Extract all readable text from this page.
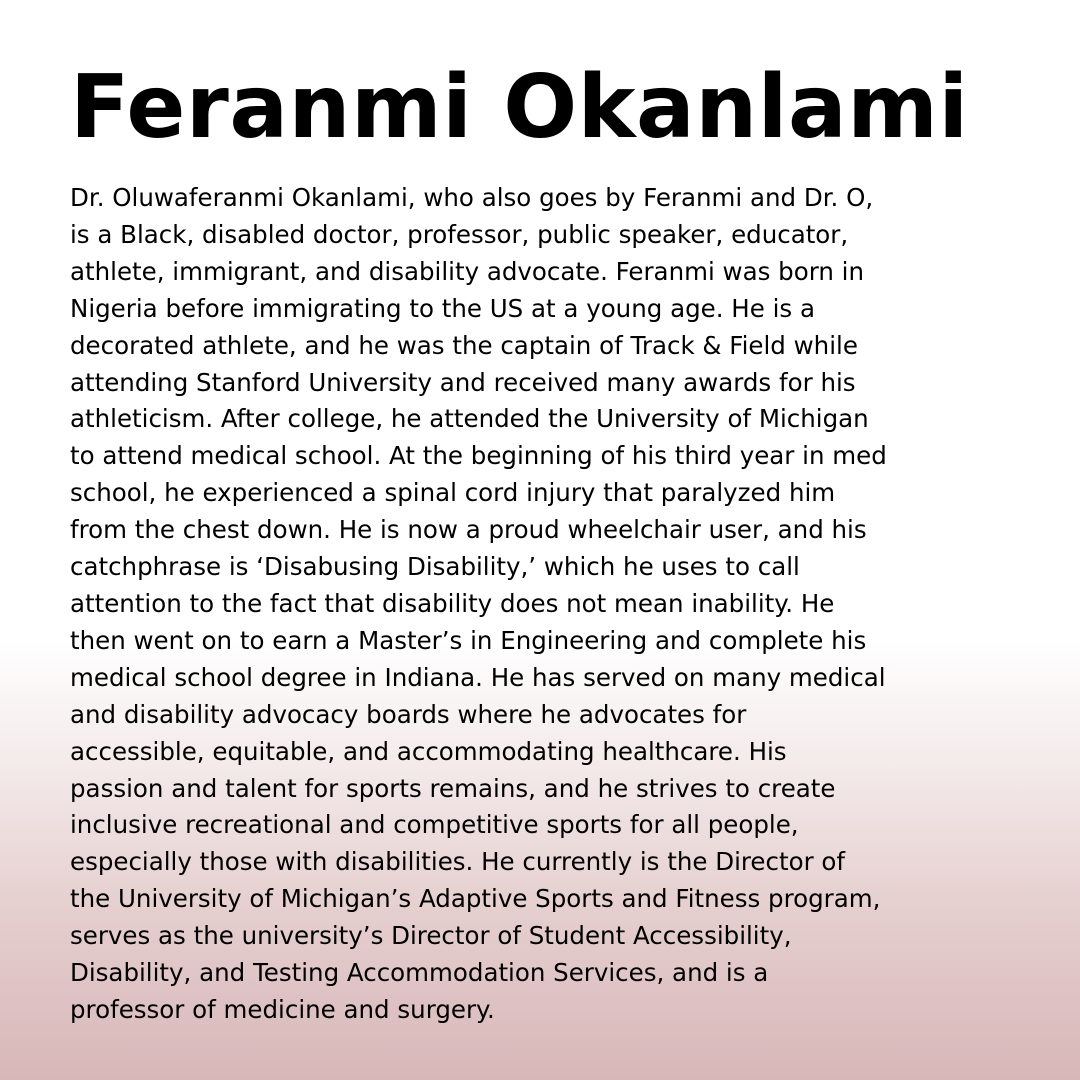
Feranmi Okanlami

Dr. Oluwaferanmi Okanlami, who also goes by Feranmi and Dr. O,
is a Black, disabled doctor, professor, public speaker, educator,
athlete, immigrant, and disability advocate. Feranmi was born in
Nigeria before immigrating to the US at a young age. He is a
decorated athlete, and he was the captain of Track & Field while
attending Stanford University and received many awards for his
athleticism. After college, he attended the University of Michigan
to attend medical school. At the beginning of his third year in med
school, he experienced a spinal cord injury that paralyzed him
from the chest down. He is now a proud wheelchair user, and his
catchphrase is ‘Disabusing Disability,’ which he uses to call
attention to the fact that disability does not mean inability. He
then went on to earn a Master’s in Engineering and complete his
medical school degree in Indiana. He has served on many medical
and disability advocacy boards where he advocates for
accessible, equitable, and accommodating healthcare. His
passion and talent for sports remains, and he strives to create
inclusive recreational and competitive sports for all people,
especially those with disabilities. He currently is the Director of
the University of Michigan’s Adaptive Sports and Fitness program,
serves as the university’s Director of Student Accessibility,
Disability, and Testing Accommodation Services, and is a
professor of medicine and surgery.
